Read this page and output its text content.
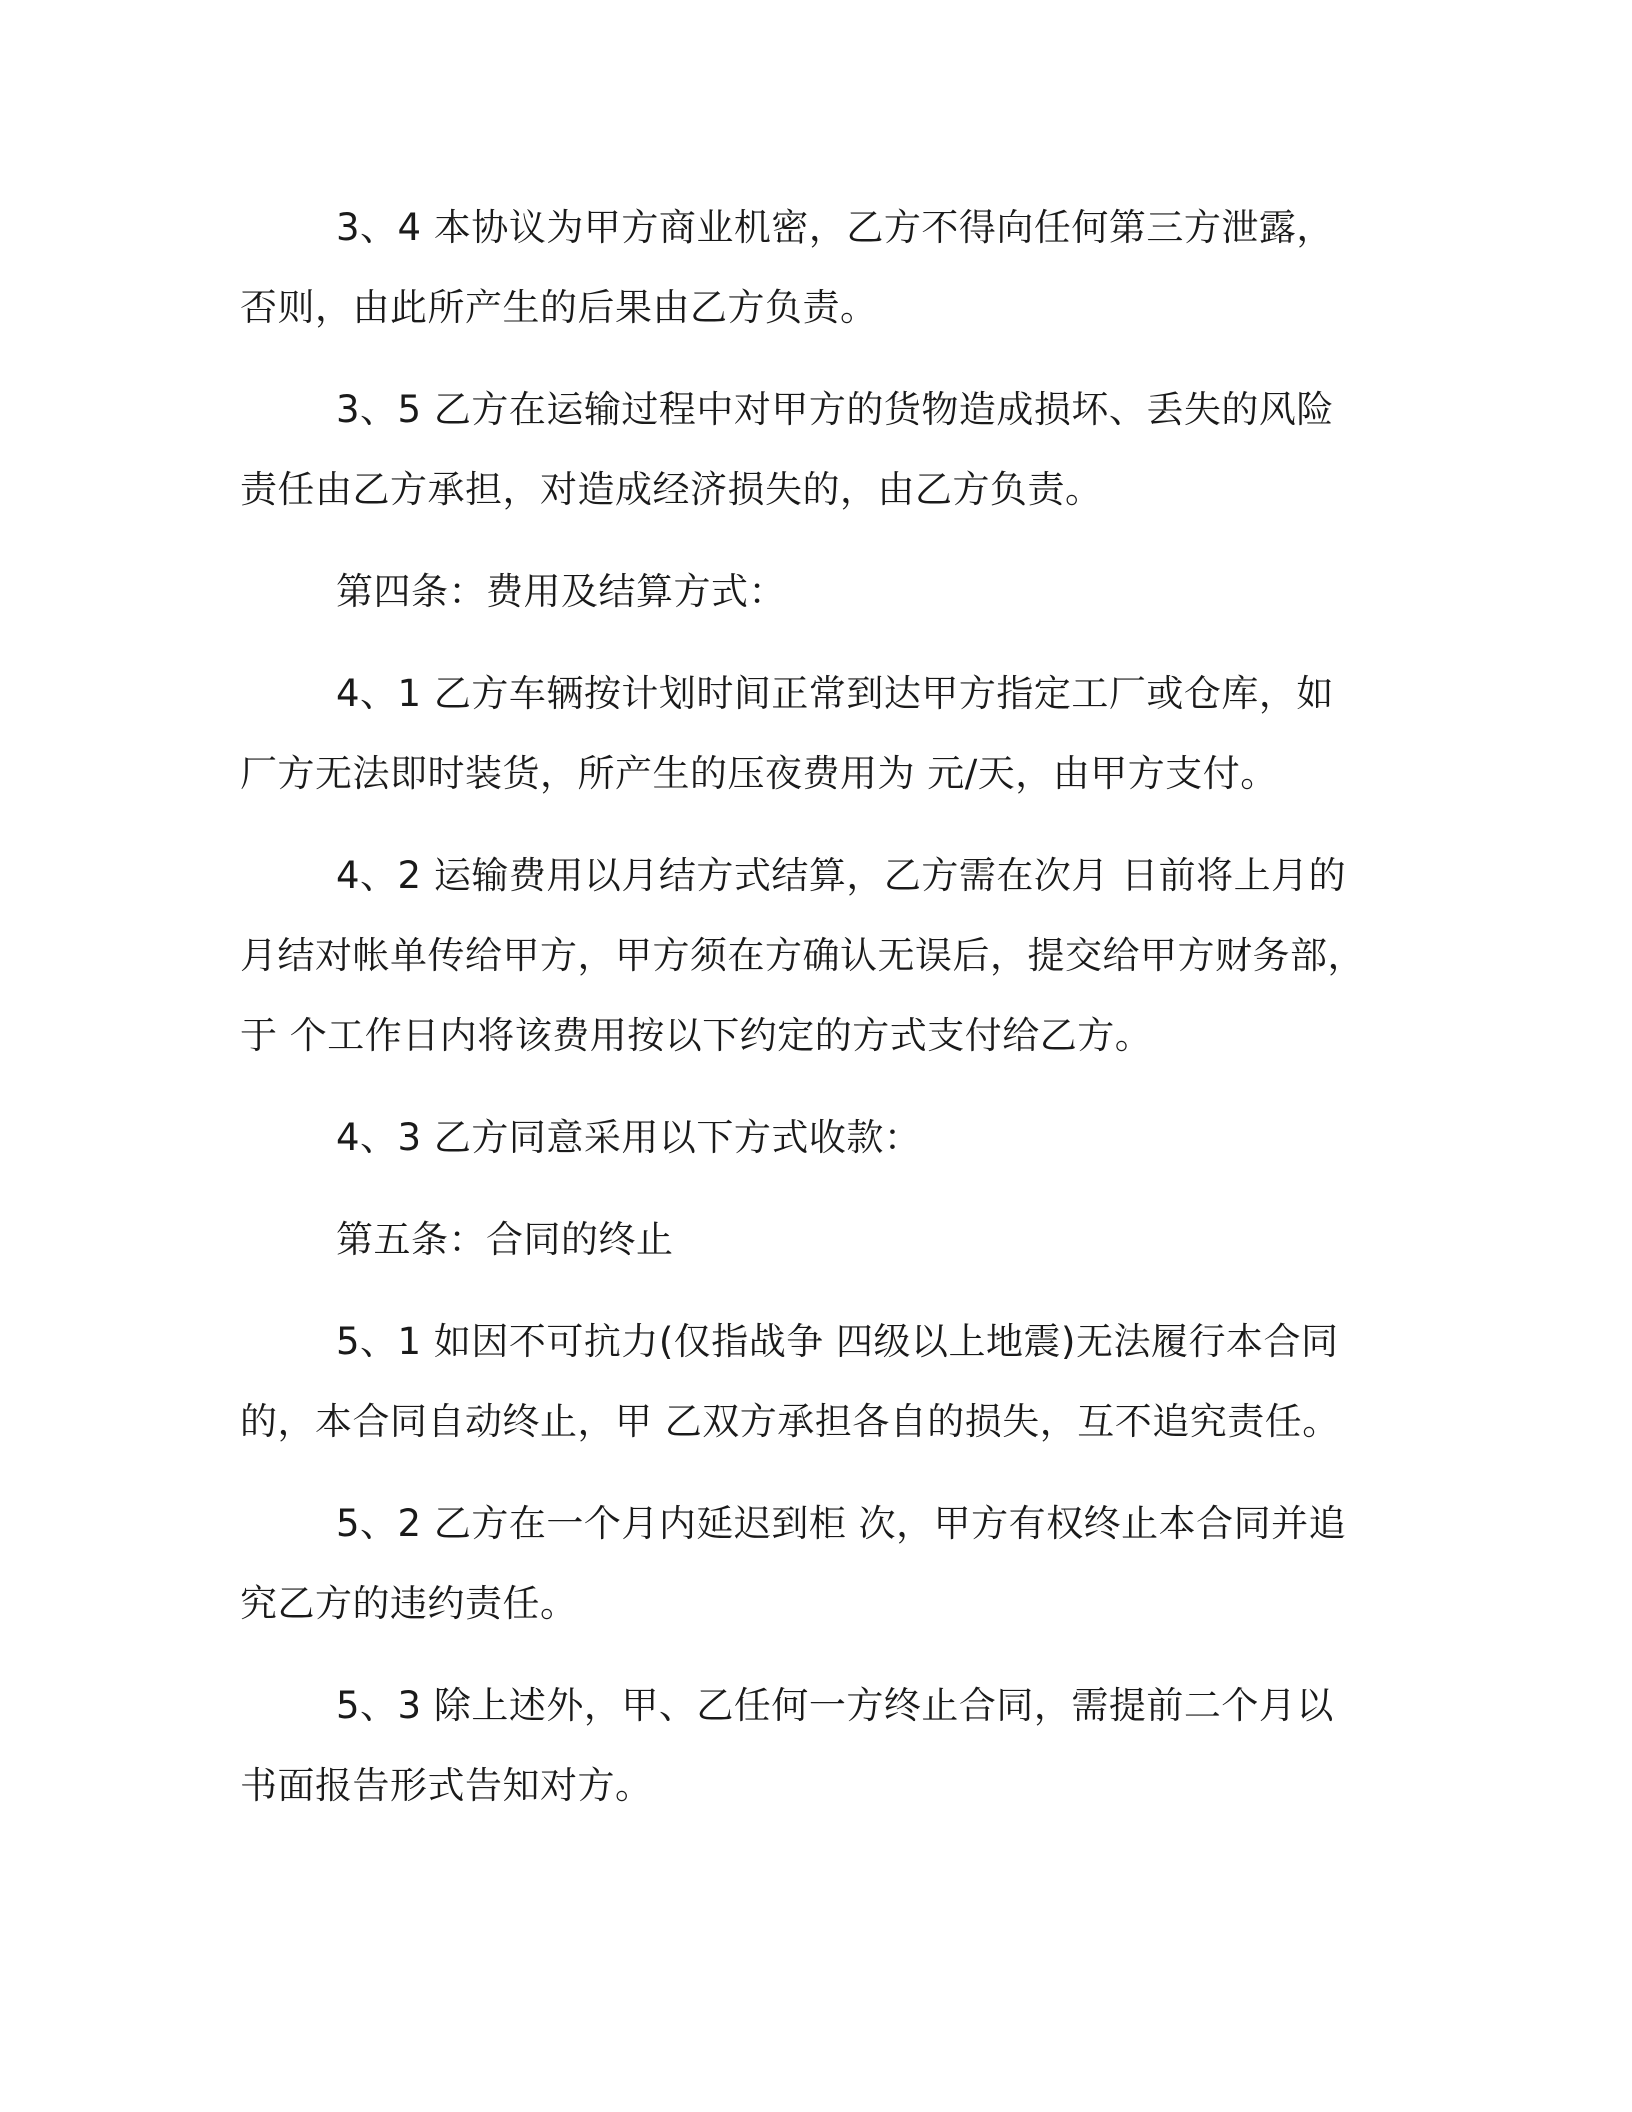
3、4 本协议为甲方商业机密，乙方不得向任何第三方泄露，否则，由此所产生的后果由乙方负责。

3、5 乙方在运输过程中对甲方的货物造成损坏、丢失的风险责任由乙方承担，对造成经济损失的，由乙方负责。

第四条：费用及结算方式：

4、1 乙方车辆按计划时间正常到达甲方指定工厂或仓库，如厂方无法即时装货，所产生的压夜费用为 元/天，由甲方支付。

4、2 运输费用以月结方式结算，乙方需在次月 日前将上月的月结对帐单传给甲方，甲方须在方确认无误后，提交给甲方财务部，于 个工作日内将该费用按以下约定的方式支付给乙方。

4、3 乙方同意采用以下方式收款：

第五条：合同的终止

5、1 如因不可抗力(仅指战争 四级以上地震)无法履行本合同的，本合同自动终止，甲 乙双方承担各自的损失，互不追究责任。

5、2 乙方在一个月内延迟到柜 次，甲方有权终止本合同并追究乙方的违约责任。

5、3 除上述外，甲、乙任何一方终止合同，需提前二个月以书面报告形式告知对方。
